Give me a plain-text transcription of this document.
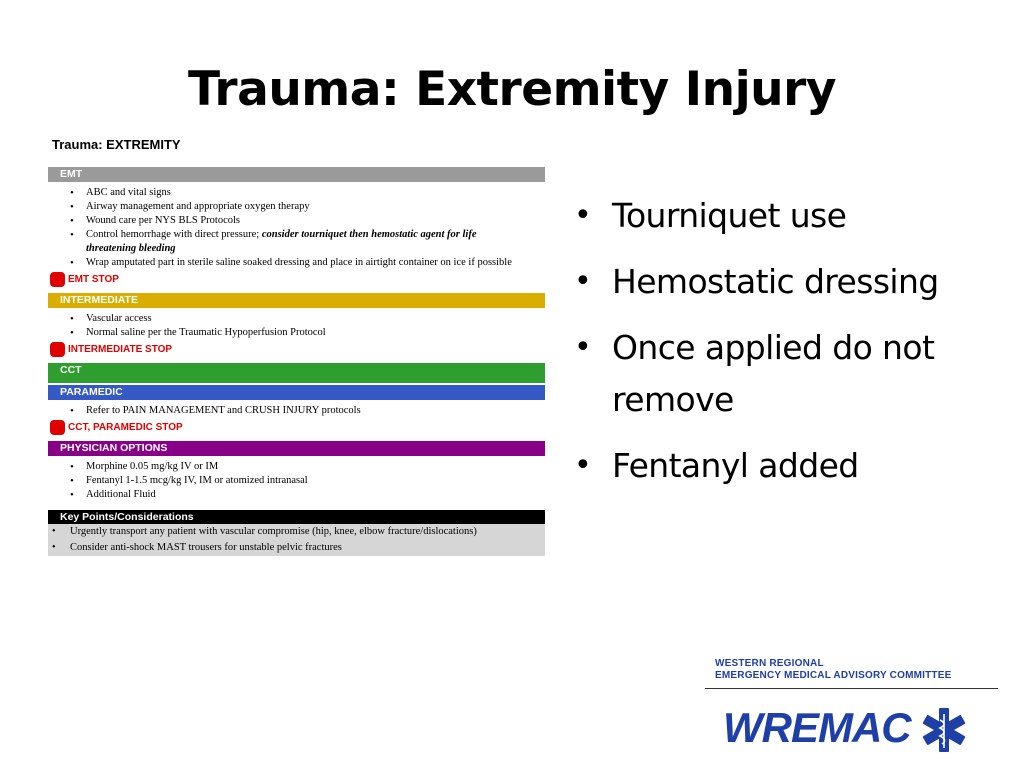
Trauma: Extremity Injury
Trauma: EXTREMITY
EMT
• ABC and vital signs
• Airway management and appropriate oxygen therapy
• Wound care per NYS BLS Protocols
• Control hemorrhage with direct pressure; consider tourniquet then hemostatic agent for life threatening bleeding
• Wrap amputated part in sterile saline soaked dressing and place in airtight container on ice if possible
EMT STOP
INTERMEDIATE
• Vascular access
• Normal saline per the Traumatic Hypoperfusion Protocol
INTERMEDIATE STOP
CCT
PARAMEDIC
• Refer to PAIN MANAGEMENT and CRUSH INJURY protocols
CCT, PARAMEDIC STOP
PHYSICIAN OPTIONS
• Morphine 0.05 mg/kg IV or IM
• Fentanyl 1-1.5 mcg/kg IV, IM or atomized intranasal
• Additional Fluid
Key Points/Considerations
• Urgently transport any patient with vascular compromise (hip, knee, elbow fracture/dislocations)
• Consider anti-shock MAST trousers for unstable pelvic fractures
• Tourniquet use
• Hemostatic dressing
• Once applied do not remove
• Fentanyl added
WESTERN REGIONAL
EMERGENCY MEDICAL ADVISORY COMMITTEE
WREMAC
